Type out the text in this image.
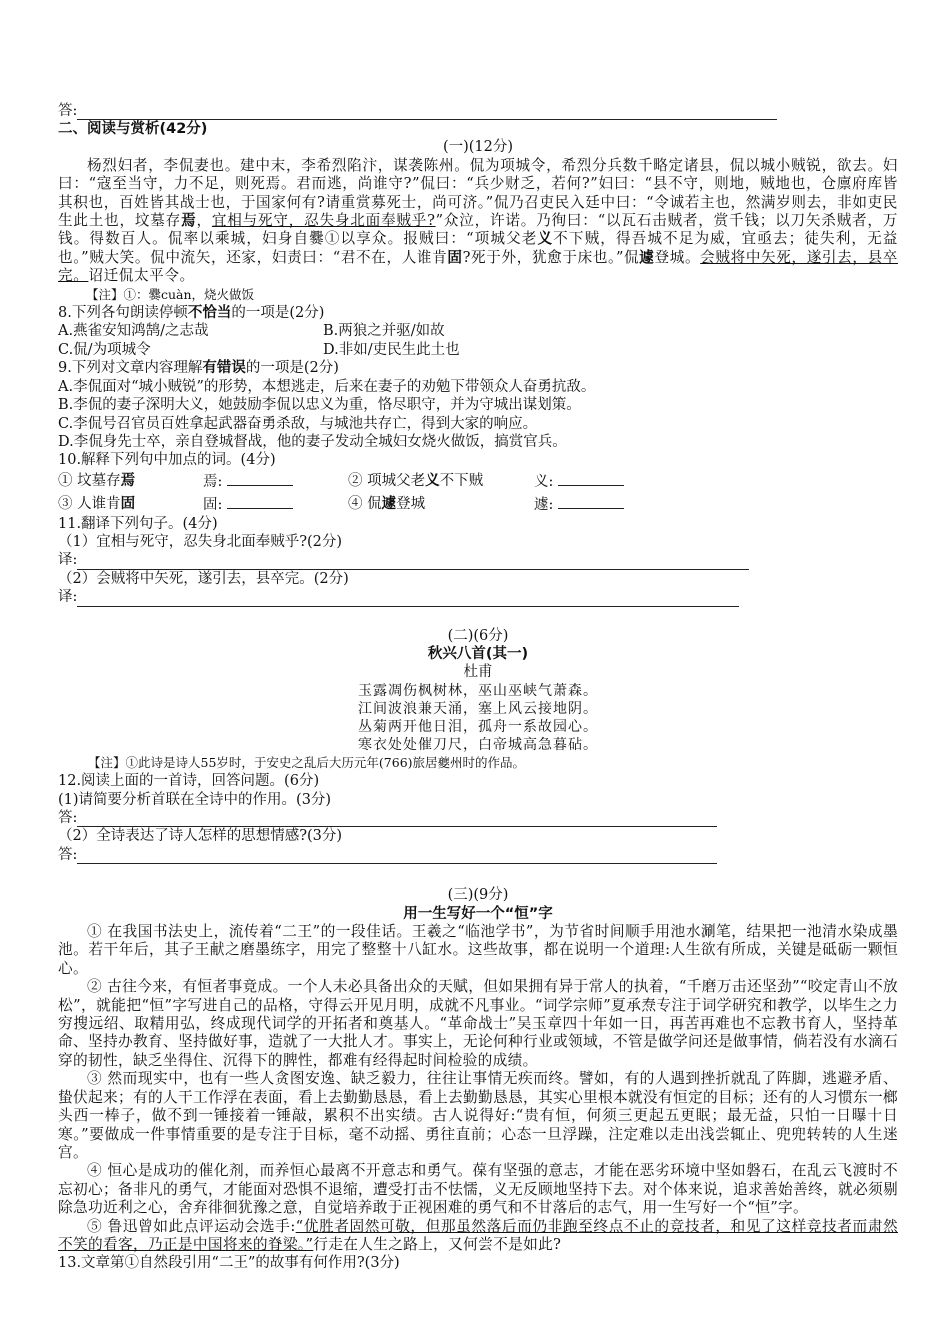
答:
二、阅读与赏析(42分)
(一)(12分)
杨烈妇者，李侃妻也。建中末，李希烈陷汴，谋袭陈州。侃为项城令，希烈分兵数千略定诸县，侃以城小贼锐，欲去。妇曰：“寇至当守，力不足，则死焉。君而逃，尚谁守?”侃曰：“兵少财乏，若何?”妇曰：“县不守，则地，贼地也，仓廪府库皆其积也，百姓皆其战士也，于国家何有?请重赏募死士，尚可济。”侃乃召吏民入廷中曰：“令诚若主也，然满岁则去，非如吏民生此土也，坟墓存焉，宜相与死守，忍失身北面奉贼乎?”众泣，许诺。乃徇曰：“以瓦石击贼者，赏千钱；以刀矢杀贼者，万钱。得数百人。侃率以乘城，妇身自爨①以享众。报贼曰：“项城父老义不下贼，得吾城不足为威，宜亟去；徒失利，无益也。”贼大笑。侃中流矢，还家，妇责曰：“君不在，人谁肯固?死于外，犹愈于床也。”侃遽登城。会贼将中矢死，遂引去，县卒完。诏迁侃太平令。
【注】①：爨cuàn，烧火做饭
8.下列各句朗读停顿不恰当的一项是(2分)
A.燕雀安知鸿鹄/之志哉	B.两狼之并驱/如故
C.侃/为项城令	D.非如/吏民生此土也
9.下列对文章内容理解有错误的一项是(2分)
A.李侃面对“城小贼锐”的形势，本想逃走，后来在妻子的劝勉下带领众人奋勇抗敌。
B.李侃的妻子深明大义，她鼓励李侃以忠义为重，恪尽职守，并为守城出谋划策。
C.李侃号召官员百姓拿起武器奋勇杀敌，与城池共存亡，得到大家的响应。
D.李侃身先士卒，亲自登城督战，他的妻子发动全城妇女烧火做饭，搞赏官兵。
10.解释下列句中加点的词。(4分)
① 坟墓存焉	焉:	② 项城父老义不下贼	义:
③ 人谁肯固	固:	④ 侃遽登城	遽:
11.翻译下列句子。(4分)
（1）宜相与死守，忍失身北面奉贼乎?(2分)
译:
（2）会贼将中矢死，遂引去，县卒完。(2分)
译:
(二)(6分)
秋兴八首(其一)
杜甫
玉露凋伤枫树林，巫山巫峡气萧森。
江间波浪兼天涌，塞上风云接地阴。
丛菊两开他日泪，孤舟一系故园心。
寒衣处处催刀尺，白帝城高急暮砧。
【注】①此诗是诗人55岁时，于安史之乱后大历元年(766)旅居夔州时的作品。
12.阅读上面的一首诗，回答问题。(6分)
(1)请简要分析首联在全诗中的作用。(3分)
答:
（2）全诗表达了诗人怎样的思想情感?(3分)
答:
(三)(9分)
用一生写好一个“恒”字
① 在我国书法史上，流传着“二王”的一段佳话。王羲之“临池学书”，为节省时间顺手用池水涮笔，结果把一池清水染成墨池。若干年后，其子王献之磨墨练字，用完了整整十八缸水。这些故事，都在说明一个道理:人生欲有所成，关键是砥砺一颗恒心。
② 古往今来，有恒者事竟成。一个人未必具备出众的天赋，但如果拥有异于常人的执着，“千磨万击还坚劲”“咬定青山不放松”，就能把“恒”字写进自己的品格，守得云开见月明，成就不凡事业。“词学宗师”夏承焘专注于词学研究和教学，以毕生之力穷搜远绍、取精用弘，终成现代词学的开拓者和奠基人。“革命战士”吴玉章四十年如一日，再苦再难也不忘教书育人，坚持革命、坚持办教育、坚持做好事，造就了一大批人才。事实上，无论何种行业或领域，不管是做学问还是做事情，倘若没有水滴石穿的韧性，缺乏坐得住、沉得下的脾性，都难有经得起时间检验的成绩。
③ 然而现实中，也有一些人贪图安逸、缺乏毅力，往往让事情无疾而终。譬如，有的人遇到挫折就乱了阵脚，逃避矛盾、蛰伏起来；有的人干工作浮在表面，看上去勤勤恳恳，看上去勤勤恳恳，其实心里根本就没有恒定的目标；还有的人习惯东一榔头西一棒子，做不到一锤接着一锤敲，累积不出实绩。古人说得好:“贵有恒，何须三更起五更眠；最无益，只怕一日曝十日寒。”要做成一件事情重要的是专注于目标，毫不动摇、勇往直前；心态一旦浮躁，注定难以走出浅尝辄止、兜兜转转的人生迷宫。
④ 恒心是成功的催化剂，而养恒心最离不开意志和勇气。葆有坚强的意志，才能在恶劣环境中坚如磐石，在乱云飞渡时不忘初心；备非凡的勇气，才能面对恐惧不退缩，遭受打击不怯懦，义无反顾地坚持下去。对个体来说，追求善始善终，就必须剔除急功近利之心，舍弃徘徊犹豫之意，自觉培养敢于正视困难的勇气和不甘落后的志气，用一生写好一个“恒”字。
⑤ 鲁迅曾如此点评运动会选手:“优胜者固然可敬，但那虽然落后而仍非跑至终点不止的竞技者，和见了这样竞技者而肃然不笑的看客，乃正是中国将来的脊梁。”行走在人生之路上，又何尝不是如此?
13.文章第①自然段引用“二王”的故事有何作用?(3分)
